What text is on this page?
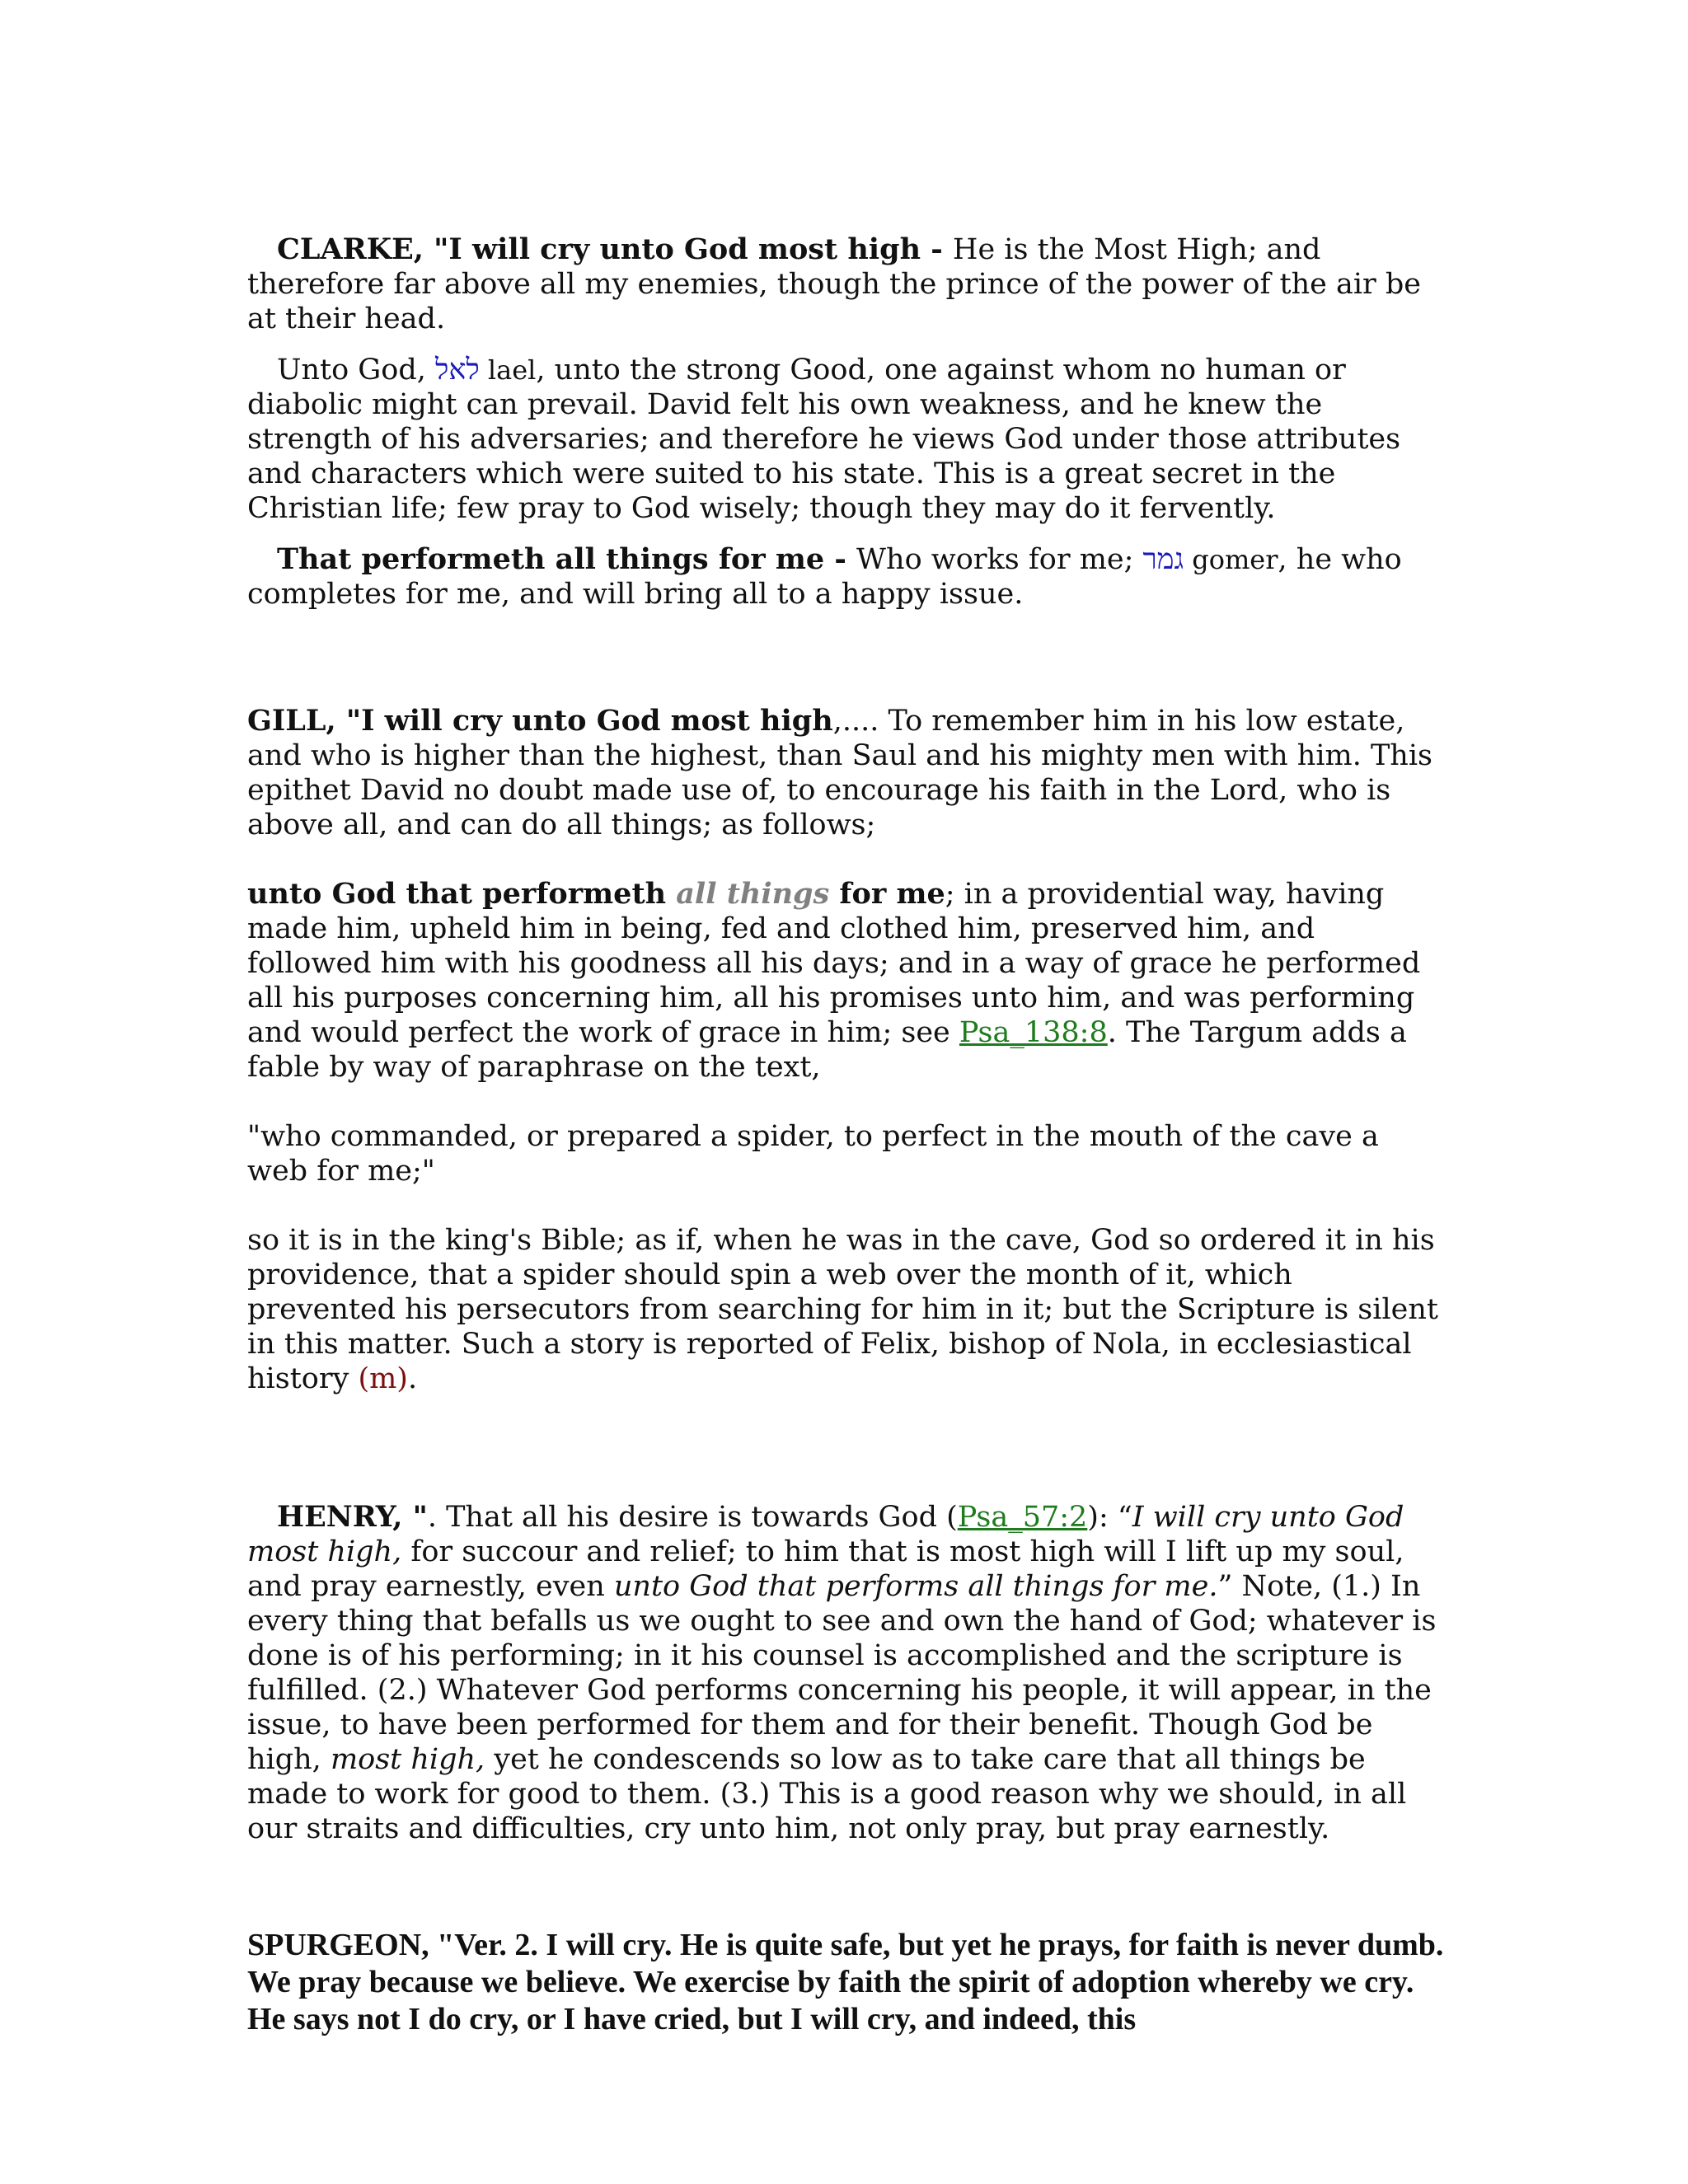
CLARKE, "I will cry unto God most high - He is the Most High; and therefore far above all my enemies, though the prince of the power of the air be at their head.

Unto God, לאל lael, unto the strong Good, one against whom no human or diabolic might can prevail. David felt his own weakness, and he knew the strength of his adversaries; and therefore he views God under those attributes and characters which were suited to his state. This is a great secret in the Christian life; few pray to God wisely; though they may do it fervently.

That performeth all things for me - Who works for me; גמר gomer, he who completes for me, and will bring all to a happy issue.

GILL, "I will cry unto God most high,.... To remember him in his low estate, and who is higher than the highest, than Saul and his mighty men with him. This epithet David no doubt made use of, to encourage his faith in the Lord, who is above all, and can do all things; as follows;

unto God that performeth all things for me; in a providential way, having made him, upheld him in being, fed and clothed him, preserved him, and followed him with his goodness all his days; and in a way of grace he performed all his purposes concerning him, all his promises unto him, and was performing and would perfect the work of grace in him; see Psa_138:8. The Targum adds a fable by way of paraphrase on the text,

"who commanded, or prepared a spider, to perfect in the mouth of the cave a web for me;"

so it is in the king's Bible; as if, when he was in the cave, God so ordered it in his providence, that a spider should spin a web over the month of it, which prevented his persecutors from searching for him in it; but the Scripture is silent in this matter. Such a story is reported of Felix, bishop of Nola, in ecclesiastical history (m).

HENRY, ". That all his desire is towards God (Psa_57:2): “I will cry unto God most high, for succour and relief; to him that is most high will I lift up my soul, and pray earnestly, even unto God that performs all things for me.” Note, (1.) In every thing that befalls us we ought to see and own the hand of God; whatever is done is of his performing; in it his counsel is accomplished and the scripture is fulfilled. (2.) Whatever God performs concerning his people, it will appear, in the issue, to have been performed for them and for their benefit. Though God be high, most high, yet he condescends so low as to take care that all things be made to work for good to them. (3.) This is a good reason why we should, in all our straits and difficulties, cry unto him, not only pray, but pray earnestly.

SPURGEON, "Ver. 2. I will cry. He is quite safe, but yet he prays, for faith is never dumb. We pray because we believe. We exercise by faith the spirit of adoption whereby we cry. He says not I do cry, or I have cried, but I will cry, and indeed, this
